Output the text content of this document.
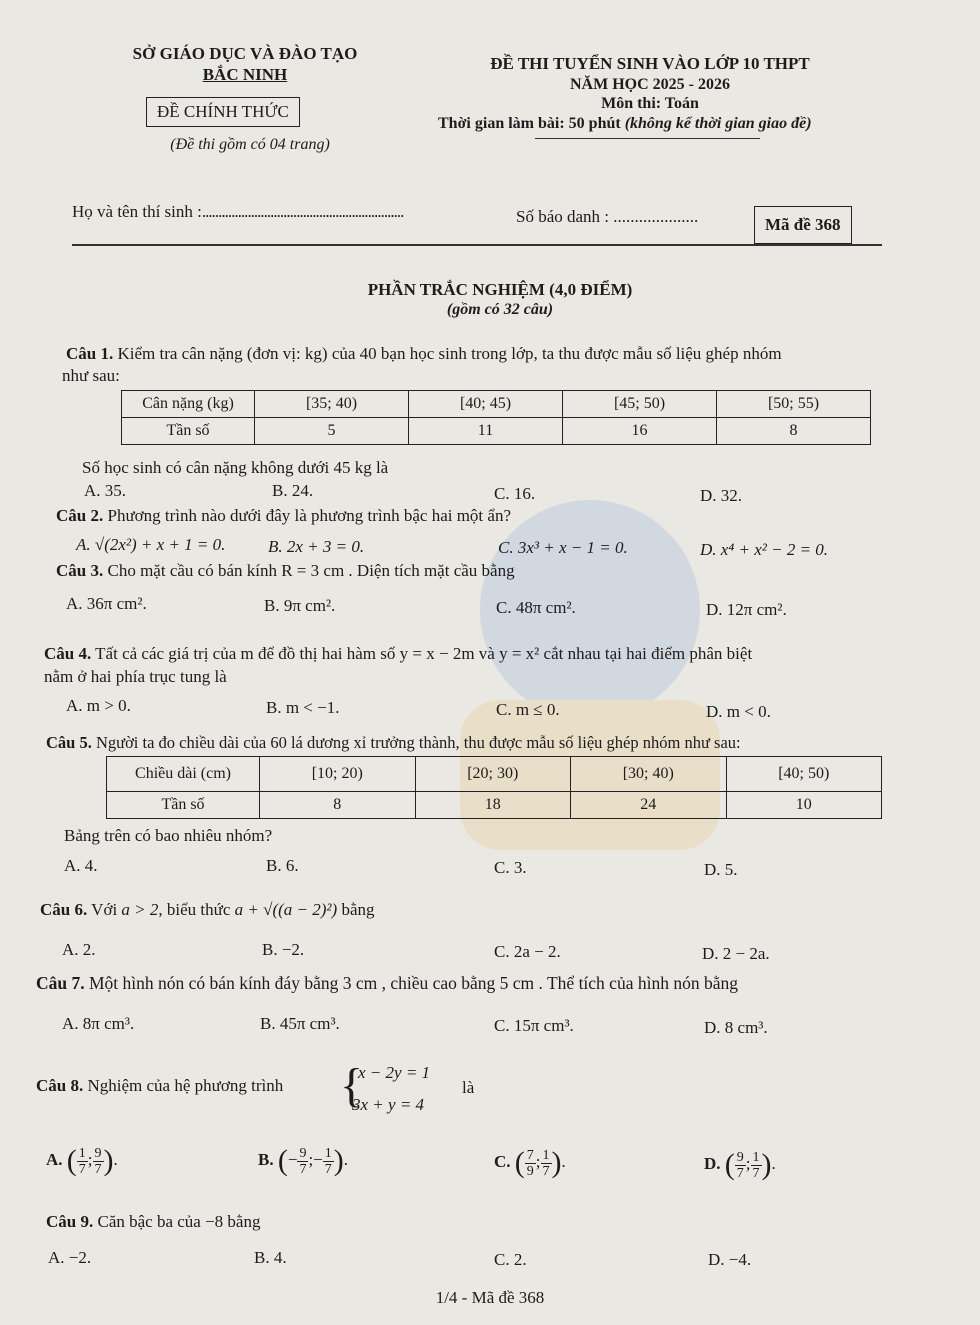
SỞ GIÁO DỤC VÀ ĐÀO TẠO
BẮC NINH
ĐỀ CHÍNH THỨC
(Đề thi gồm có 04 trang)
ĐỀ THI TUYỂN SINH VÀO LỚP 10 THPT
NĂM HỌC 2025 - 2026
Môn thi: Toán
Thời gian làm bài: 50 phút (không kể thời gian giao đề)
Họ và tên thí sinh :..............................................................	Số báo danh : ....................	Mã đề 368
PHẦN TRẮC NGHIỆM (4,0 ĐIỂM)
(gồm có 32 câu)
Câu 1. Kiểm tra cân nặng (đơn vị: kg) của 40 bạn học sinh trong lớp, ta thu được mẫu số liệu ghép nhóm
như sau:
Cân nặng (kg)	[35; 40)	[40; 45)	[45; 50)	[50; 55)
Tần số	5	11	16	8
Số học sinh có cân nặng không dưới 45 kg là
A. 35.	B. 24.	C. 16.	D. 32.
Câu 2. Phương trình nào dưới đây là phương trình bậc hai một ẩn?
A. √(2x²) + x + 1 = 0.	B. 2x + 3 = 0.	C. 3x³ + x − 1 = 0.	D. x⁴ + x² − 2 = 0.
Câu 3. Cho mặt cầu có bán kính R = 3 cm . Diện tích mặt cầu bằng
A. 36π cm².	B. 9π cm².	C. 48π cm².	D. 12π cm².
Câu 4. Tất cả các giá trị của m để đồ thị hai hàm số y = x − 2m và y = x² cắt nhau tại hai điểm phân biệt
nằm ở hai phía trục tung là
A. m > 0.	B. m < −1.	C. m ≤ 0.	D. m < 0.
Câu 5. Người ta đo chiều dài của 60 lá dương xỉ trưởng thành, thu được mẫu số liệu ghép nhóm như sau:
Chiều dài (cm)	[10; 20)	[20; 30)	[30; 40)	[40; 50)
Tần số	8	18	24	10
Bảng trên có bao nhiêu nhóm?
A. 4.	B. 6.	C. 3.	D. 5.
Câu 6. Với a > 2, biểu thức a + √((a − 2)²) bằng
A. 2.	B. −2.	C. 2a − 2.	D. 2 − 2a.
Câu 7. Một hình nón có bán kính đáy bằng 3 cm , chiều cao bằng 5 cm . Thể tích của hình nón bằng
A. 8π cm³.	B. 45π cm³.	C. 15π cm³.	D. 8 cm³.
Câu 8. Nghiệm của hệ phương trình {
x − 2y = 1
3x + y = 4
là
A. ( $\frac{1}{7}$ ; $\frac{9}{7}$ ).	B. (− $\frac{9}{7}$ ;− $\frac{1}{7}$ ).	C. ( $\frac{7}{9}$ ; $\frac{1}{7}$ ).	D. ( $\frac{9}{7}$ ; $\frac{1}{7}$ ).
Câu 9. Căn bậc ba của −8 bằng
A. −2.	B. 4.	C. 2.	D. −4.
1/4 - Mã đề 368
